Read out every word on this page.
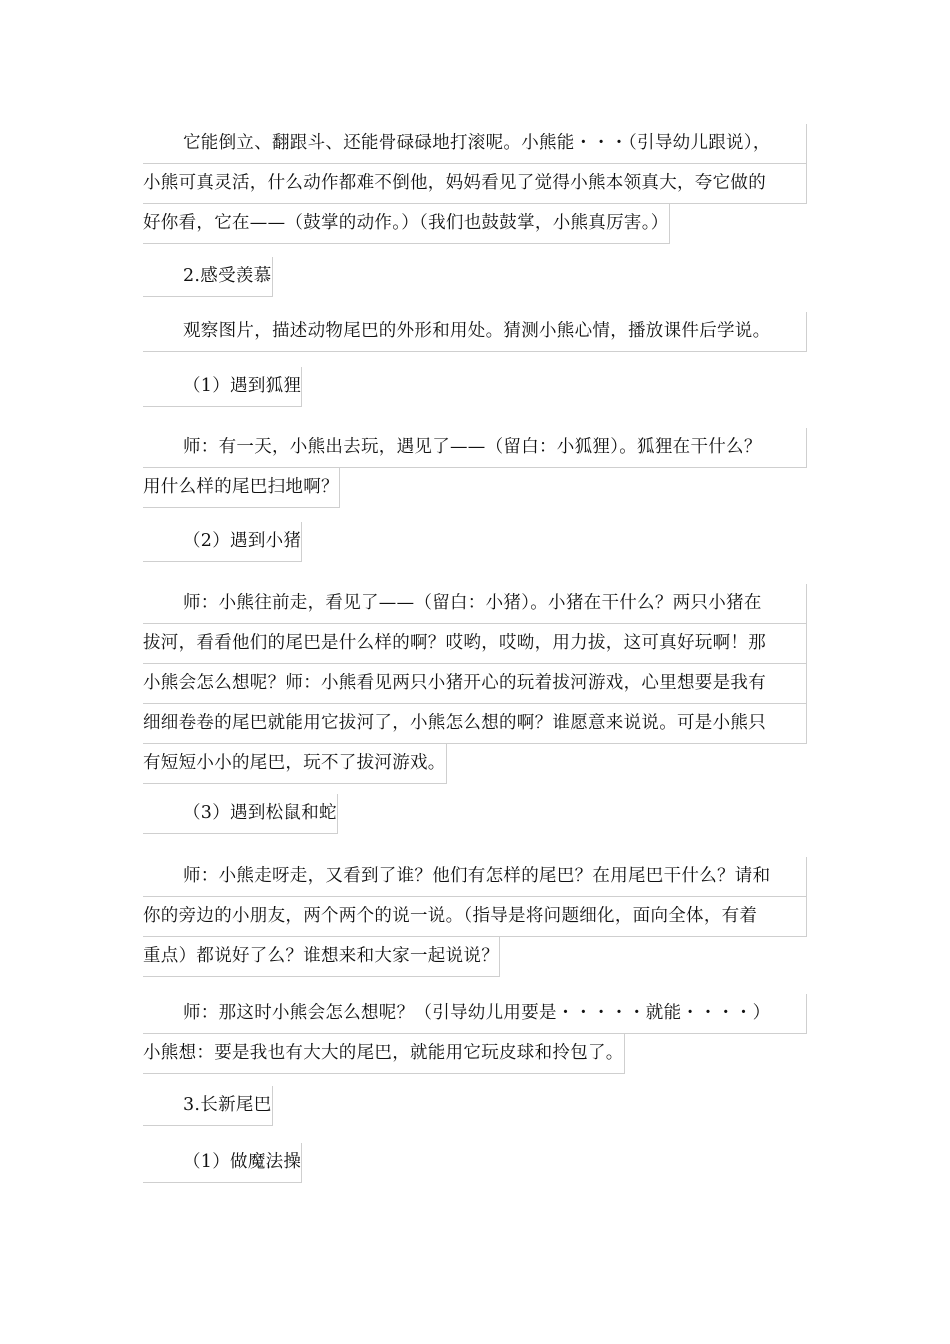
它能倒立、翻跟斗、还能骨碌碌地打滚呢。小熊能・・・（引导幼儿跟说），
小熊可真灵活，什么动作都难不倒他，妈妈看见了觉得小熊本领真大，夸它做的
好你看，它在——（鼓掌的动作。）（我们也鼓鼓掌，小熊真厉害。）
2.感受羡慕
观察图片，描述动物尾巴的外形和用处。猜测小熊心情，播放课件后学说。
（1）遇到狐狸
师：有一天，小熊出去玩，遇见了——（留白：小狐狸）。狐狸在干什么？
用什么样的尾巴扫地啊？
（2）遇到小猪
师：小熊往前走，看见了——（留白：小猪）。小猪在干什么？两只小猪在
拔河，看看他们的尾巴是什么样的啊？哎哟，哎呦，用力拔，这可真好玩啊！那
小熊会怎么想呢？师：小熊看见两只小猪开心的玩着拔河游戏，心里想要是我有
细细卷卷的尾巴就能用它拔河了，小熊怎么想的啊？谁愿意来说说。可是小熊只
有短短小小的尾巴，玩不了拔河游戏。
（3）遇到松鼠和蛇
师：小熊走呀走，又看到了谁？他们有怎样的尾巴？在用尾巴干什么？请和
你的旁边的小朋友，两个两个的说一说。（指导是将问题细化，面向全体，有着
重点）都说好了么？谁想来和大家一起说说？
师：那这时小熊会怎么想呢？（引导幼儿用要是・・・・・就能・・・・）
小熊想：要是我也有大大的尾巴，就能用它玩皮球和拎包了。
3.长新尾巴
（1）做魔法操
